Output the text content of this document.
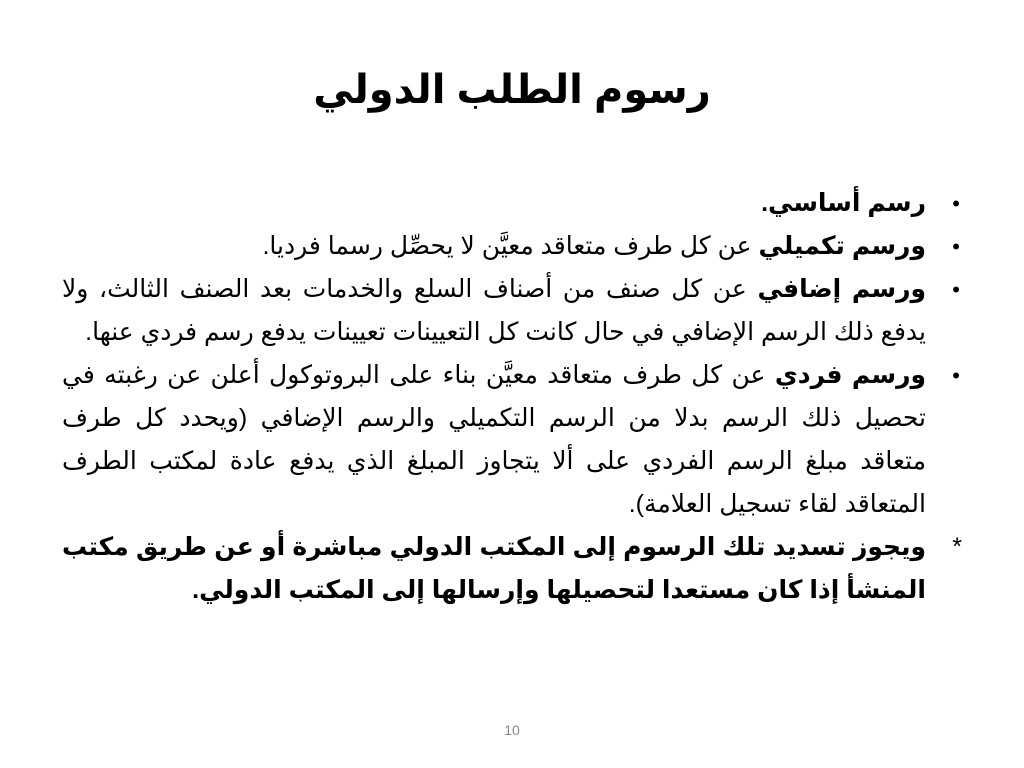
رسوم الطلب الدولي
•
رسم أساسي.
•
ورسم تكميلي عن كل طرف متعاقد معيَّن لا يحصِّل رسما فرديا.
•
ورسم إضافي عن كل صنف من أصناف السلع والخدمات بعد الصنف الثالث، ولا يدفع ذلك الرسم الإضافي في حال كانت كل التعيينات تعيينات يدفع رسم فردي عنها.
•
ورسم فردي عن كل طرف متعاقد معيَّن بناء على البروتوكول أعلن عن رغبته في تحصيل ذلك الرسم بدلا من الرسم التكميلي والرسم الإضافي (ويحدد كل طرف متعاقد مبلغ الرسم الفردي على ألا يتجاوز المبلغ الذي يدفع عادة لمكتب الطرف المتعاقد لقاء تسجيل العلامة).

*
ويجوز تسديد تلك الرسوم إلى المكتب الدولي مباشرة أو عن طريق مكتب المنشأ إذا كان مستعدا لتحصيلها وإرسالها إلى المكتب الدولي.

10
